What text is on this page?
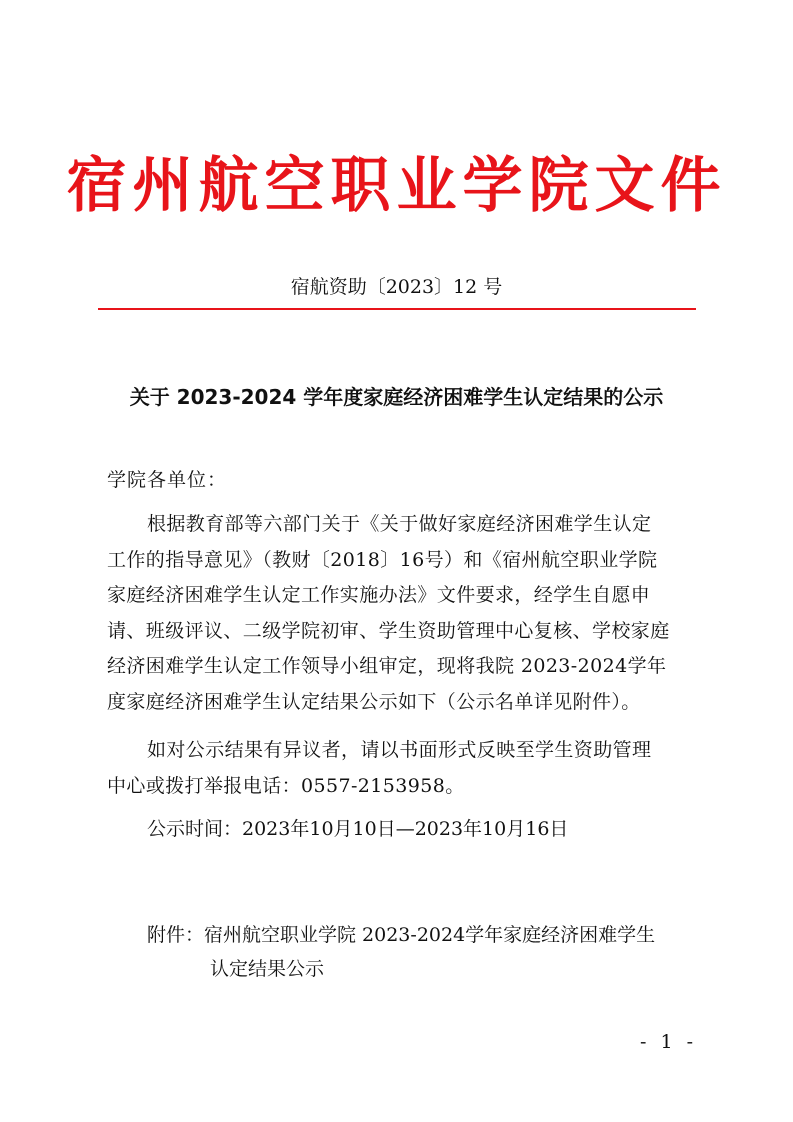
宿州航空职业学院文件
宿航资助〔2023〕12 号
关于 2023-2024 学年度家庭经济困难学生认定结果的公示
学院各单位：
根据教育部等六部门关于《关于做好家庭经济困难学生认定
工作的指导意见》（教财〔2018〕16号）和《宿州航空职业学院
家庭经济困难学生认定工作实施办法》文件要求，经学生自愿申
请、班级评议、二级学院初审、学生资助管理中心复核、学校家庭
经济困难学生认定工作领导小组审定，现将我院 2023-2024学年
度家庭经济困难学生认定结果公示如下（公示名单详见附件）。
如对公示结果有异议者，请以书面形式反映至学生资助管理
中心或拨打举报电话：0557-2153958。
公示时间：2023年10月10日—2023年10月16日
附件：宿州航空职业学院 2023-2024学年家庭经济困难学生
认定结果公示
- 1 -
